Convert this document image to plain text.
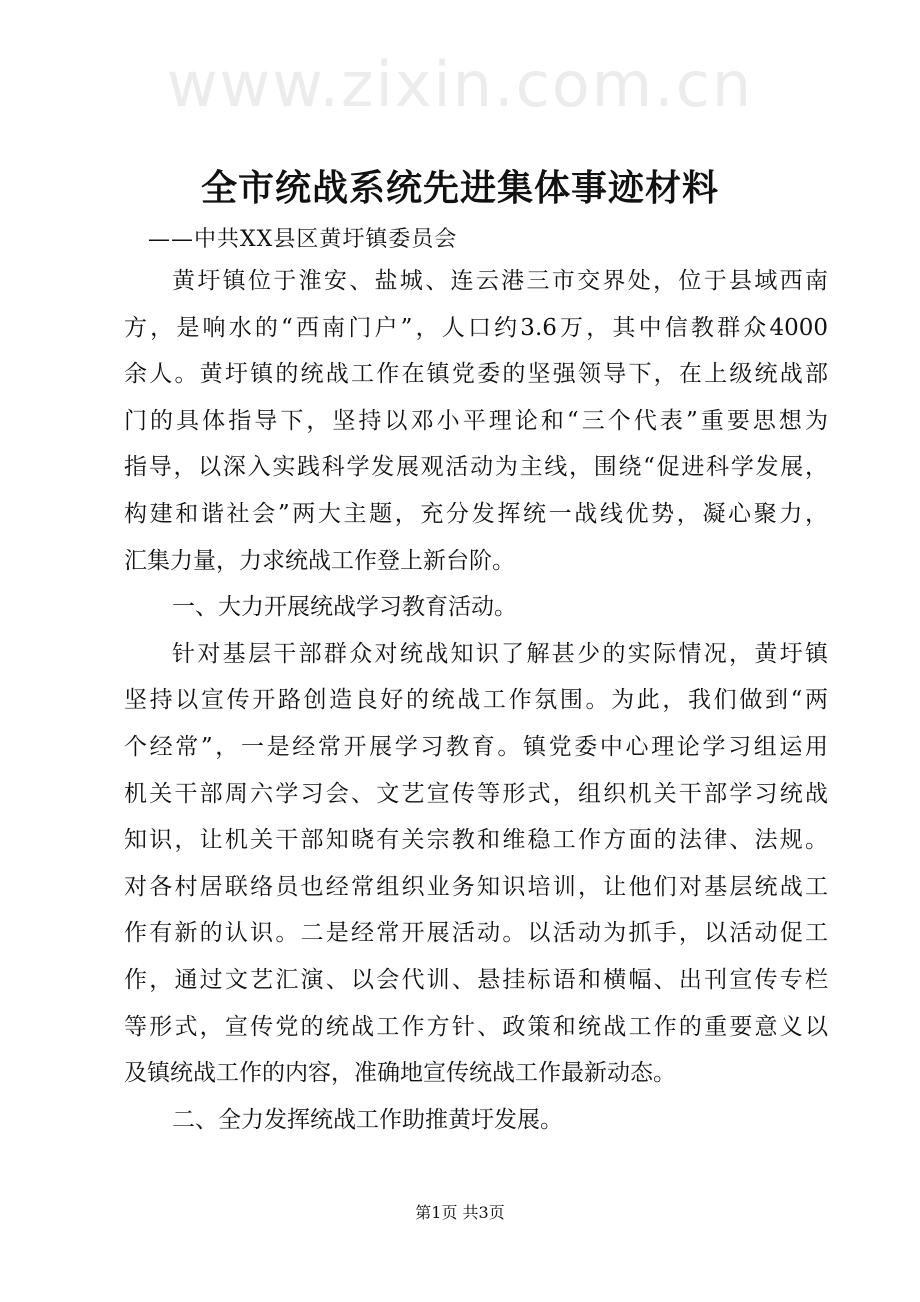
www.zixin.com.cn
全市统战系统先进集体事迹材料
——中共XX县区黄圩镇委员会
黄圩镇位于淮安、盐城、连云港三市交界处，位于县域西南
方，是响水的“西南门户”，人口约3.6万，其中信教群众4000
余人。黄圩镇的统战工作在镇党委的坚强领导下，在上级统战部
门的具体指导下，坚持以邓小平理论和“三个代表”重要思想为
指导，以深入实践科学发展观活动为主线，围绕“促进科学发展，
构建和谐社会”两大主题，充分发挥统一战线优势，凝心聚力，
汇集力量，力求统战工作登上新台阶。
一、大力开展统战学习教育活动。
针对基层干部群众对统战知识了解甚少的实际情况，黄圩镇
坚持以宣传开路创造良好的统战工作氛围。为此，我们做到“两
个经常”，一是经常开展学习教育。镇党委中心理论学习组运用
机关干部周六学习会、文艺宣传等形式，组织机关干部学习统战
知识，让机关干部知晓有关宗教和维稳工作方面的法律、法规。
对各村居联络员也经常组织业务知识培训，让他们对基层统战工
作有新的认识。二是经常开展活动。以活动为抓手，以活动促工
作，通过文艺汇演、以会代训、悬挂标语和横幅、出刊宣传专栏
等形式，宣传党的统战工作方针、政策和统战工作的重要意义以
及镇统战工作的内容，准确地宣传统战工作最新动态。
二、全力发挥统战工作助推黄圩发展。
第1页 共3页
